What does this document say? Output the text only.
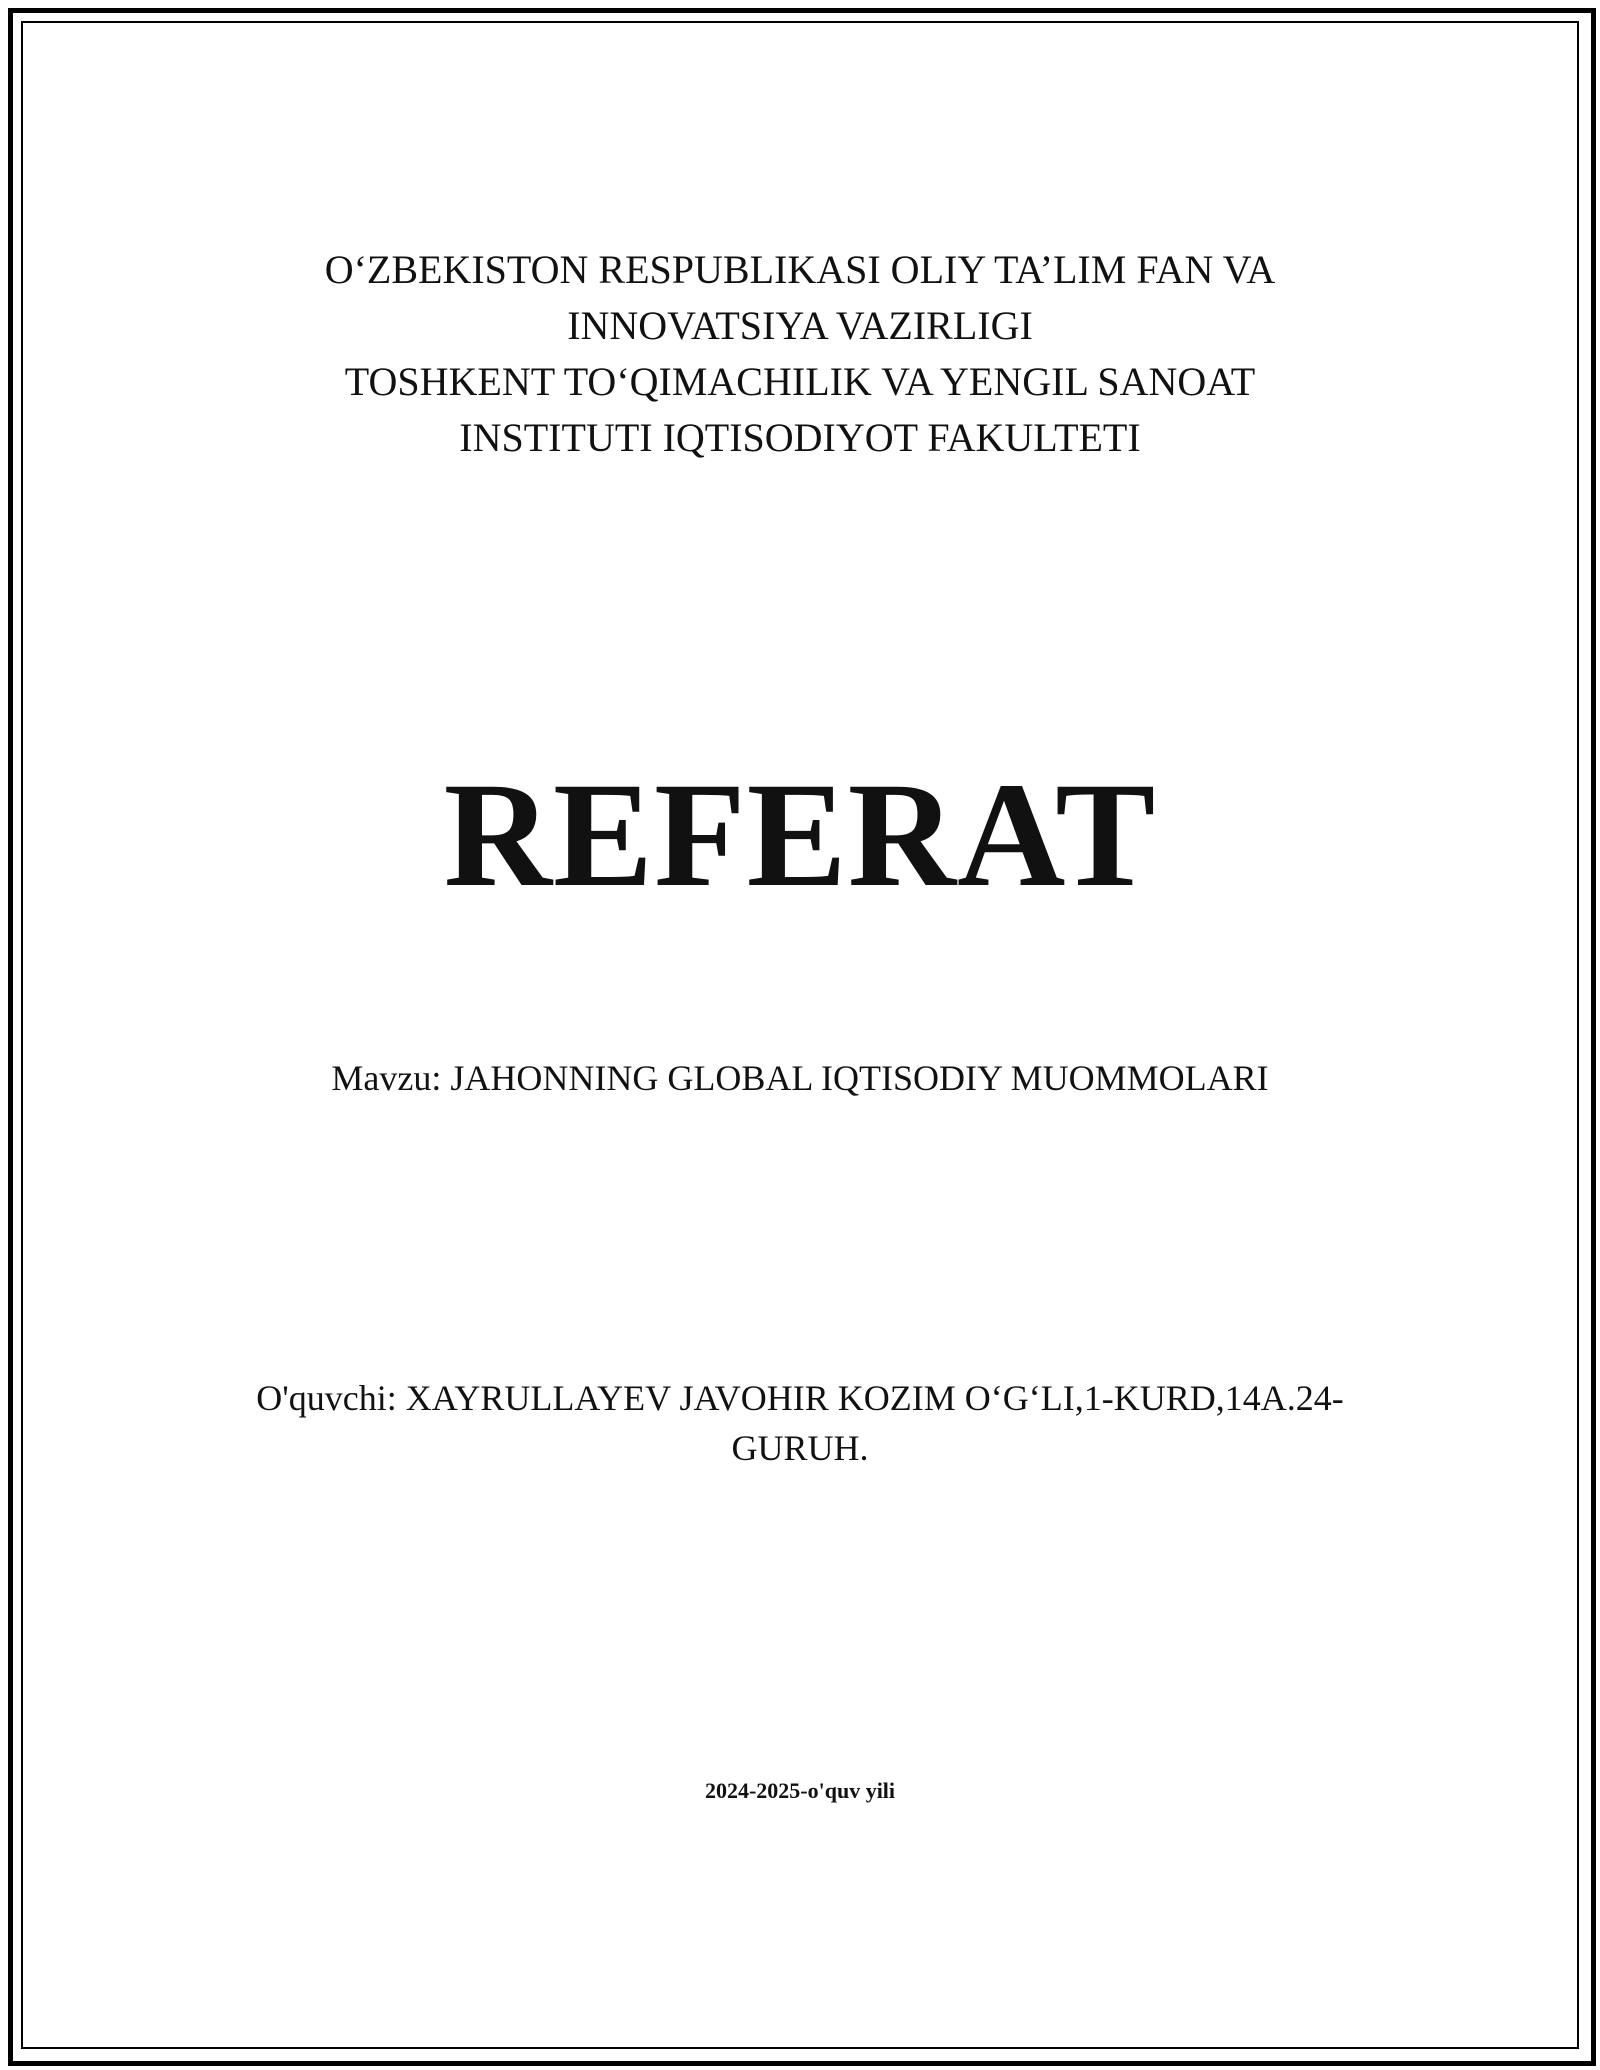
O‘ZBEKISTON RESPUBLIKASI OLIY TA’LIM FAN VA
INNOVATSIYA VAZIRLIGI
TOSHKENT TO‘QIMACHILIK VA YENGIL SANOAT
INSTITUTI IQTISODIYOT FAKULTETI
REFERAT
Mavzu: JAHONNING GLOBAL IQTISODIY MUOMMOLARI
O'quvchi: XAYRULLAYEV JAVOHIR KOZIM O‘G‘LI,1-KURD,14A.24-
GURUH.
2024-2025-o'quv yili
